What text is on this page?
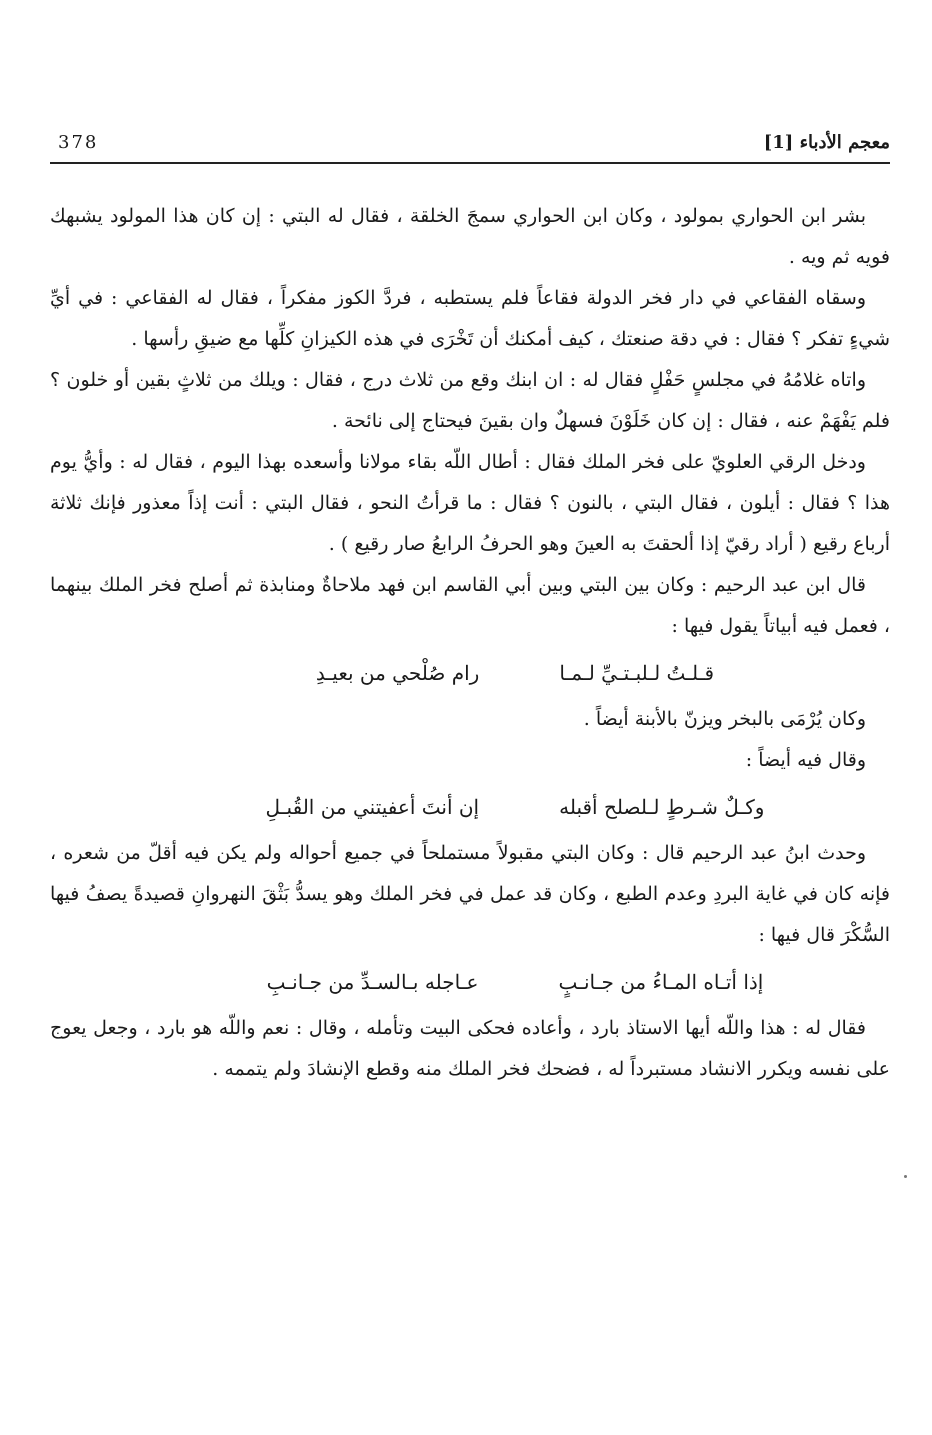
معجم الأدباء [1]
378

بشر ابن الحواري بمولود ، وكان ابن الحواري سمجَ الخلقة ، فقال له البتي : إن كان هذا المولود يشبهك فويه ثم ويه .

وسقاه الفقاعي في دار فخر الدولة فقاعاً فلم يستطبه ، فردَّ الكوز مفكراً ، فقال له الفقاعي : في أيِّ شيءٍ تفكر ؟ فقال : في دقة صنعتك ، كيف أمكنك أن تَخْرَى في هذه الكيزانِ كلِّها مع ضيقِ رأسها .

واتاه غلامُهُ في مجلسٍ حَفْلٍ فقال له : ان ابنك وقع من ثلاث درج ، فقال : ويلك من ثلاثٍ بقين أو خلون ؟ فلم يَفْهَمْ عنه ، فقال : إن كان خَلَوْنَ فسهلٌ وان بقينَ فيحتاج إلى نائحة .

ودخل الرقي العلويّ على فخر الملك فقال : أطال اللّه بقاء مولانا وأسعده بهذا اليوم ، فقال له : وأيُّ يوم هذا ؟ فقال : أيلون ، فقال البتي ، بالنون ؟ فقال : ما قرأتُ النحو ، فقال البتي : أنت إذاً معذور فإنك ثلاثة أرباع رقيع ( أراد رقيّ إذا ألحقتَ به العينَ وهو الحرفُ الرابعُ صار رقيع ) .

قال ابن عبد الرحيم : وكان بين البتي وبين أبي القاسم ابن فهد ملاحاةٌ ومنابذة ثم أصلح فخر الملك بينهما ، فعمل فيه أبياتاً يقول فيها :

قـلـتُ لـلبـتـيِّ لـمـا
رام صُلْحي من بعيـدِ

وكان يُرْمَى بالبخر ويزنّ بالأبنة أيضاً .

وقال فيه أيضاً :

وكـلٌ شـرطٍ لـلصلح أقبله
إن أنتَ أعفيتني من القُبـلِ

وحدث ابنُ عبد الرحيم قال : وكان البتي مقبولاً مستملحاً في جميع أحواله ولم يكن فيه أقلّ من شعره ، فإنه كان في غاية البردِ وعدم الطبع ، وكان قد عمل في فخر الملك وهو يسدُّ بَثْقَ النهروانِ قصيدةً يصفُ فيها السُّكْرَ قال فيها :

إذا أتـاه المـاءُ من جـانـبٍ
عـاجله بـالسـدِّ من جـانـبِ

فقال له : هذا واللّه أيها الاستاذ بارد ، وأعاده فحكى البيت وتأمله ، وقال : نعم واللّه هو بارد ، وجعل يعوج على نفسه ويكرر الانشاد مستبرداً له ، فضحك فخر الملك منه وقطع الإنشادَ ولم يتممه .
